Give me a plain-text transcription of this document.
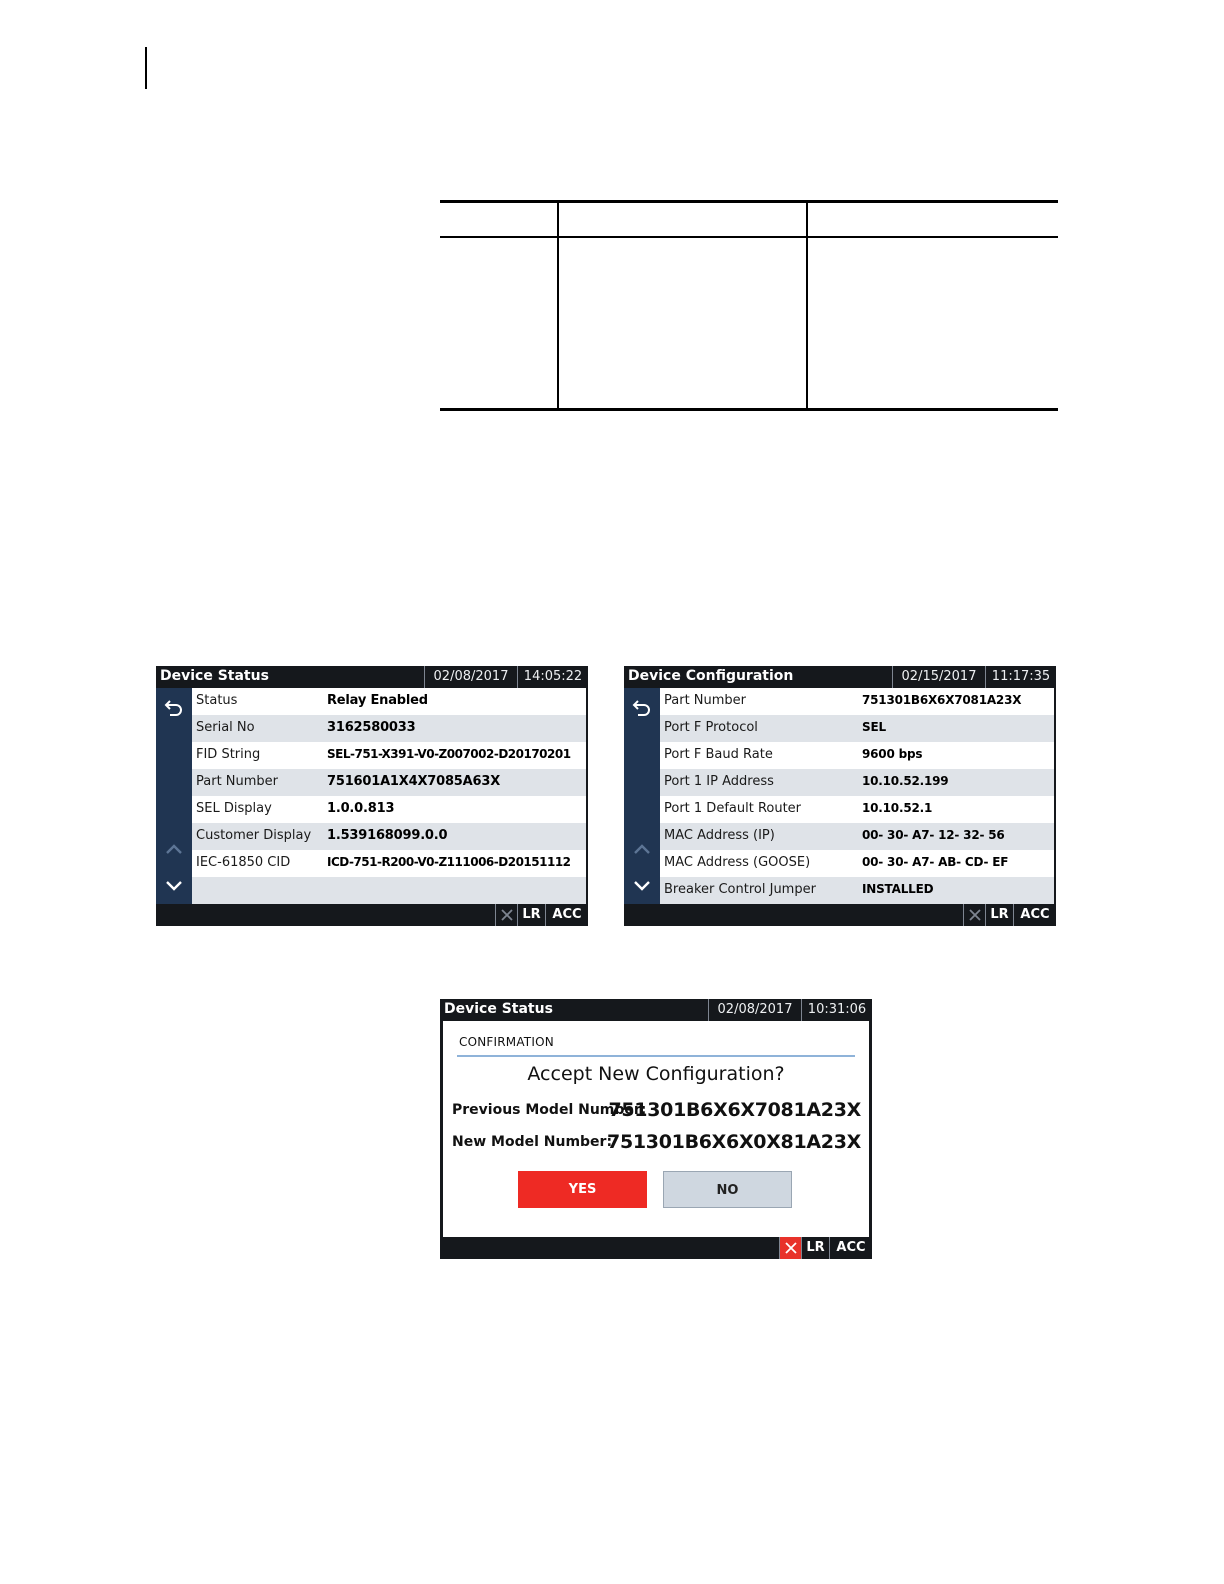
Device Status	02/08/2017	14:05:22
Status	Relay Enabled
Serial No	3162580033
FID String	SEL-751-X391-V0-Z007002-D20170201
Part Number	751601A1X4X7085A63X
SEL Display	1.0.0.813
Customer Display 1.539168099.0.0
IEC-61850 CID	ICD-751-R200-V0-Z111006-D20151112
LR ACC
Device Configuration	02/15/2017	11:17:35
Part Number	751301B6X6X7081A23X
Port F Protocol	SEL
Port F Baud Rate	9600 bps
Port 1 IP Address	10.10.52.199
Port 1 Default Router	10.10.52.1
MAC Address (IP)	00- 30- A7- 12- 32- 56
MAC Address (GOOSE)	00- 30- A7- AB- CD- EF
Breaker Control Jumper	INSTALLED
LR ACC
Device Status	02/08/2017	10:31:06
CONFIRMATION
Accept New Configuration?
Previous Model Number:
751301B6X6X7081A23X
New Model Number:
751301B6X6X0X81A23X
YES	NO
LR ACC
